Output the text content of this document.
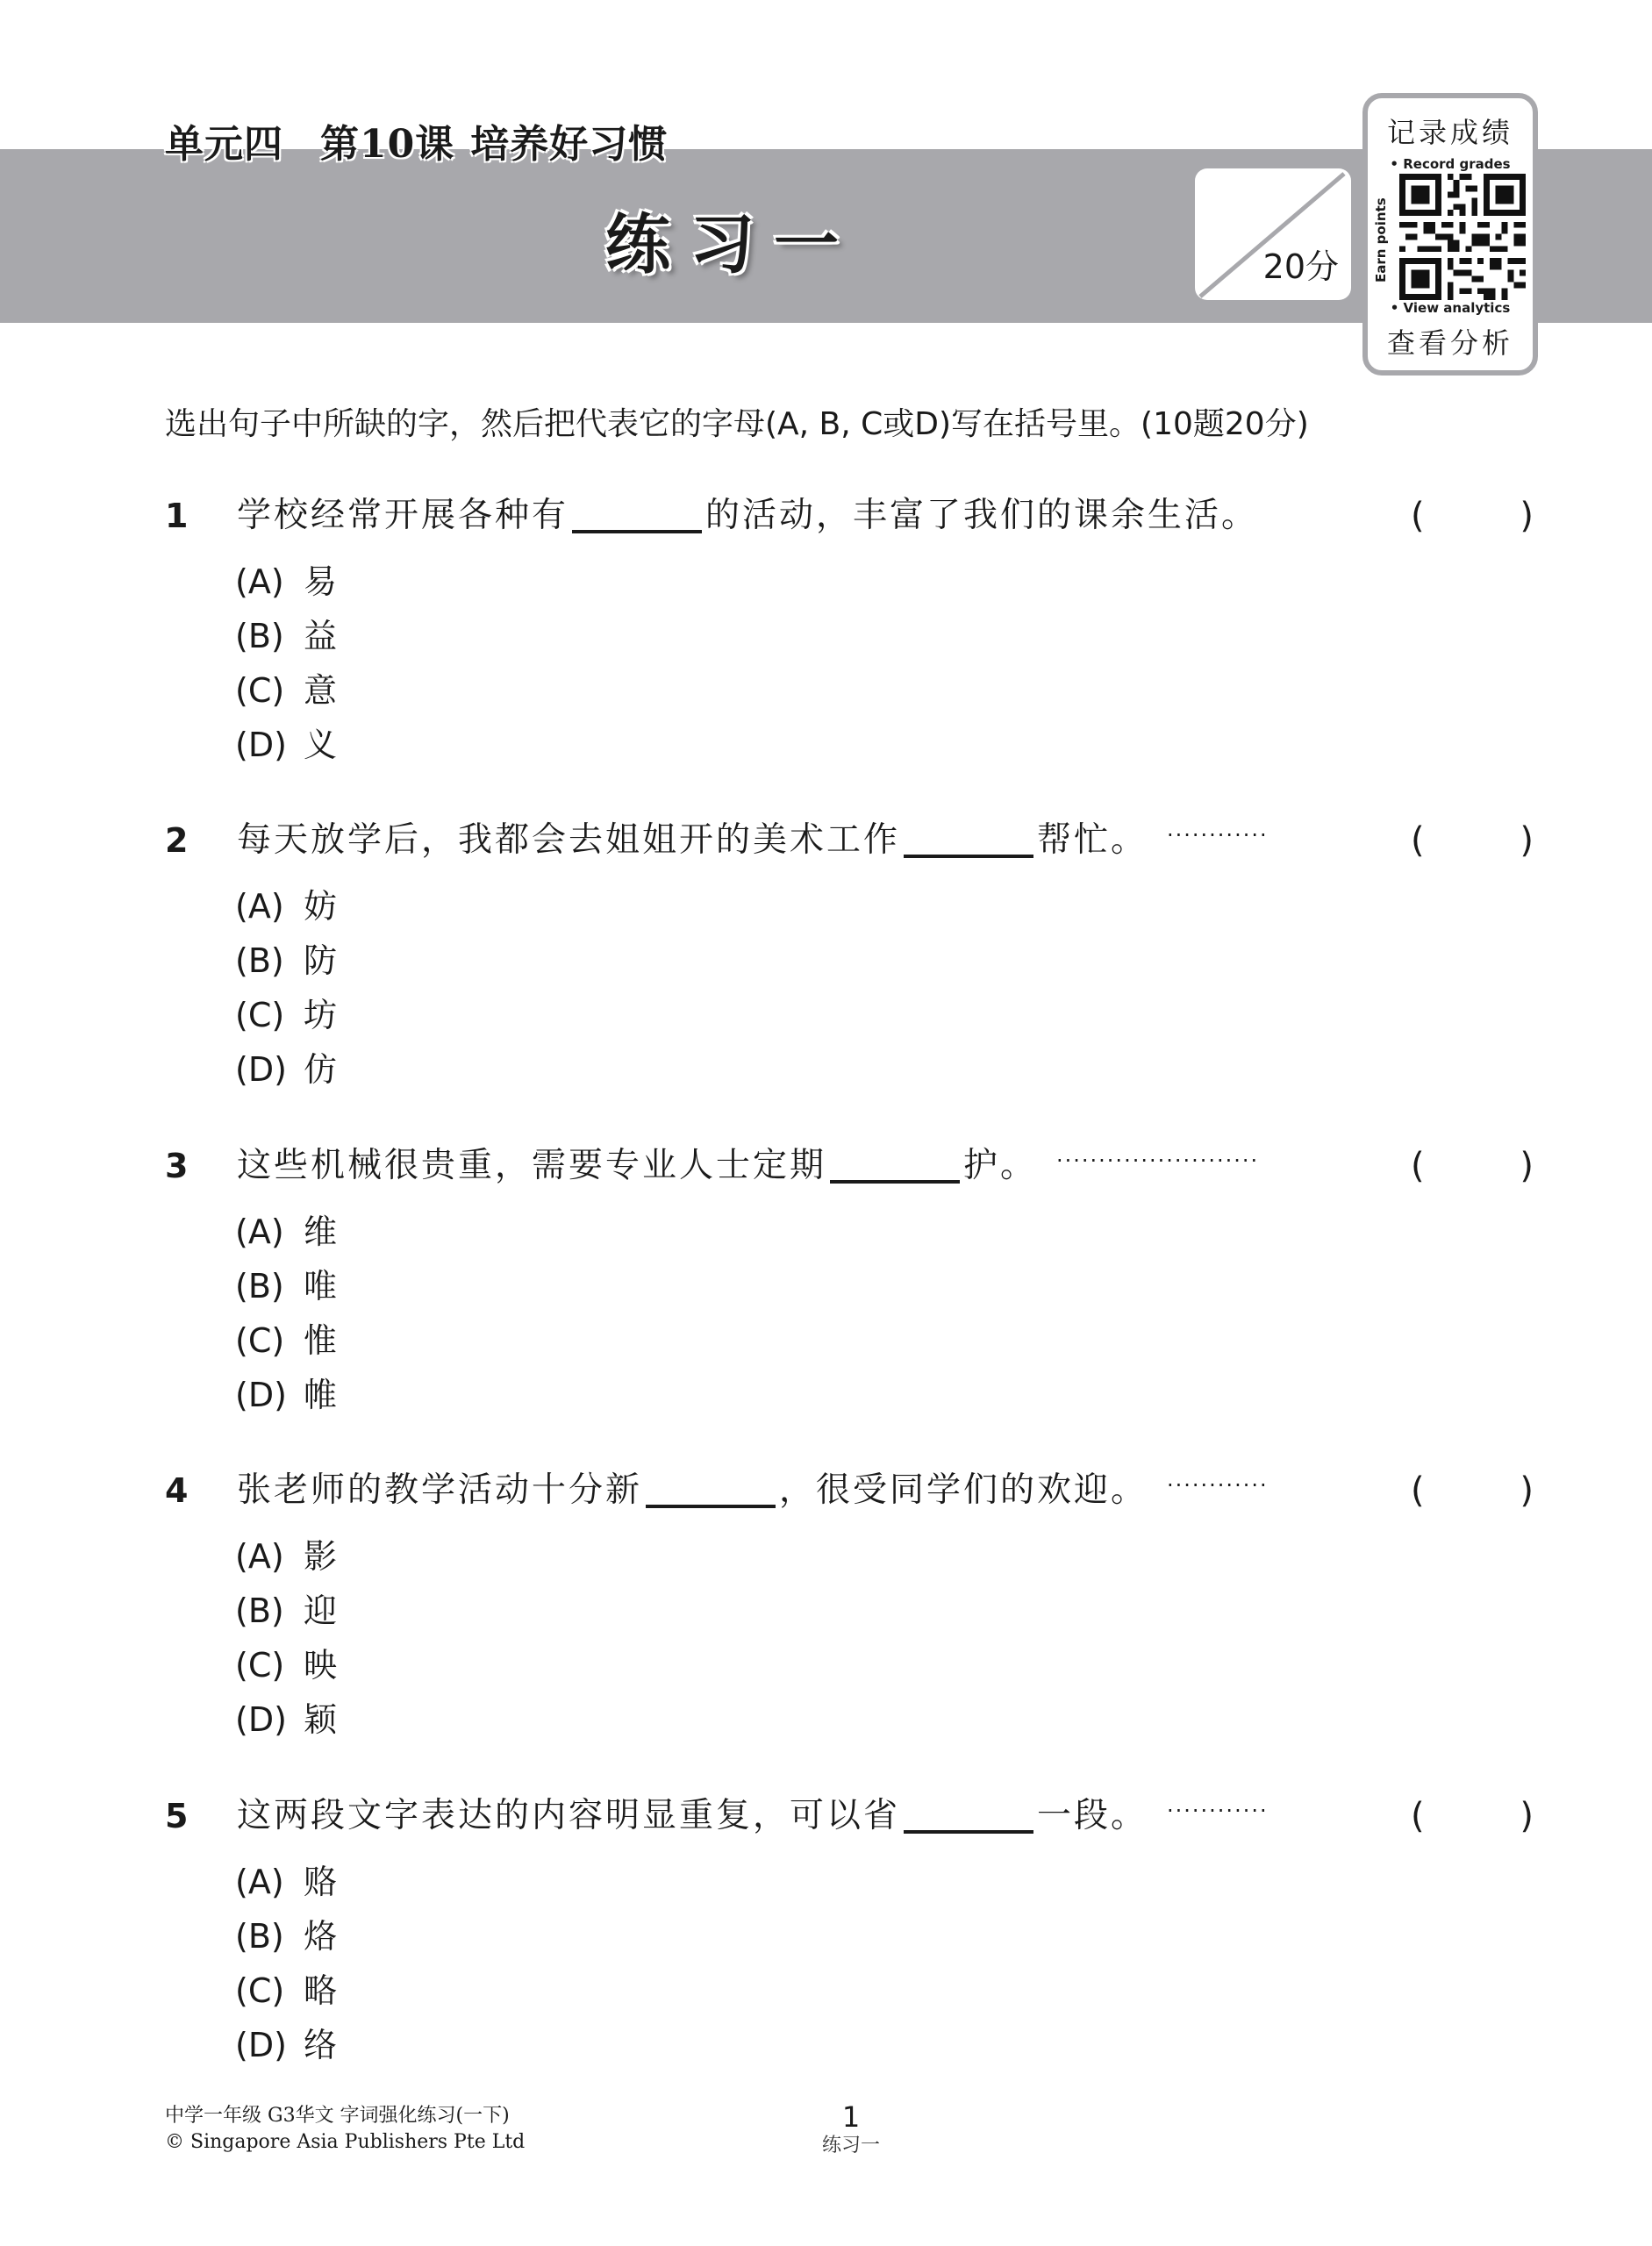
单元四 第10课 培养好习惯
练习一	20分
记录成绩
• Record grades
Earn points
• View analytics
查看分析
选出句子中所缺的字，然后把代表它的字母(A, B, C或D)写在括号里。(10题20分)
1 学校经常开展各种有	的活动，丰富了我们的课余生活。	(	)
(A) 易
(B) 益
(C) 意
(D) 义
2 每天放学后，我都会去姐姐开的美术工作	帮忙。 ············	(	)
(A) 妨
(B) 防
(C) 坊
(D) 仿
3 这些机械很贵重，需要专业人士定期	护。 ························	(	)
(A) 维
(B) 唯
(C) 惟
(D) 帷
4 张老师的教学活动十分新	，很受同学们的欢迎。 ············	(	)
(A) 影
(B) 迎
(C) 映
(D) 颖
5 这两段文字表达的内容明显重复，可以省	一段。 ············	(	)
(A) 赂
(B) 烙
(C) 略
(D) 络
中学一年级 G3华文 字词强化练习(一下)
© Singapore Asia Publishers Pte Ltd
1
练习一
